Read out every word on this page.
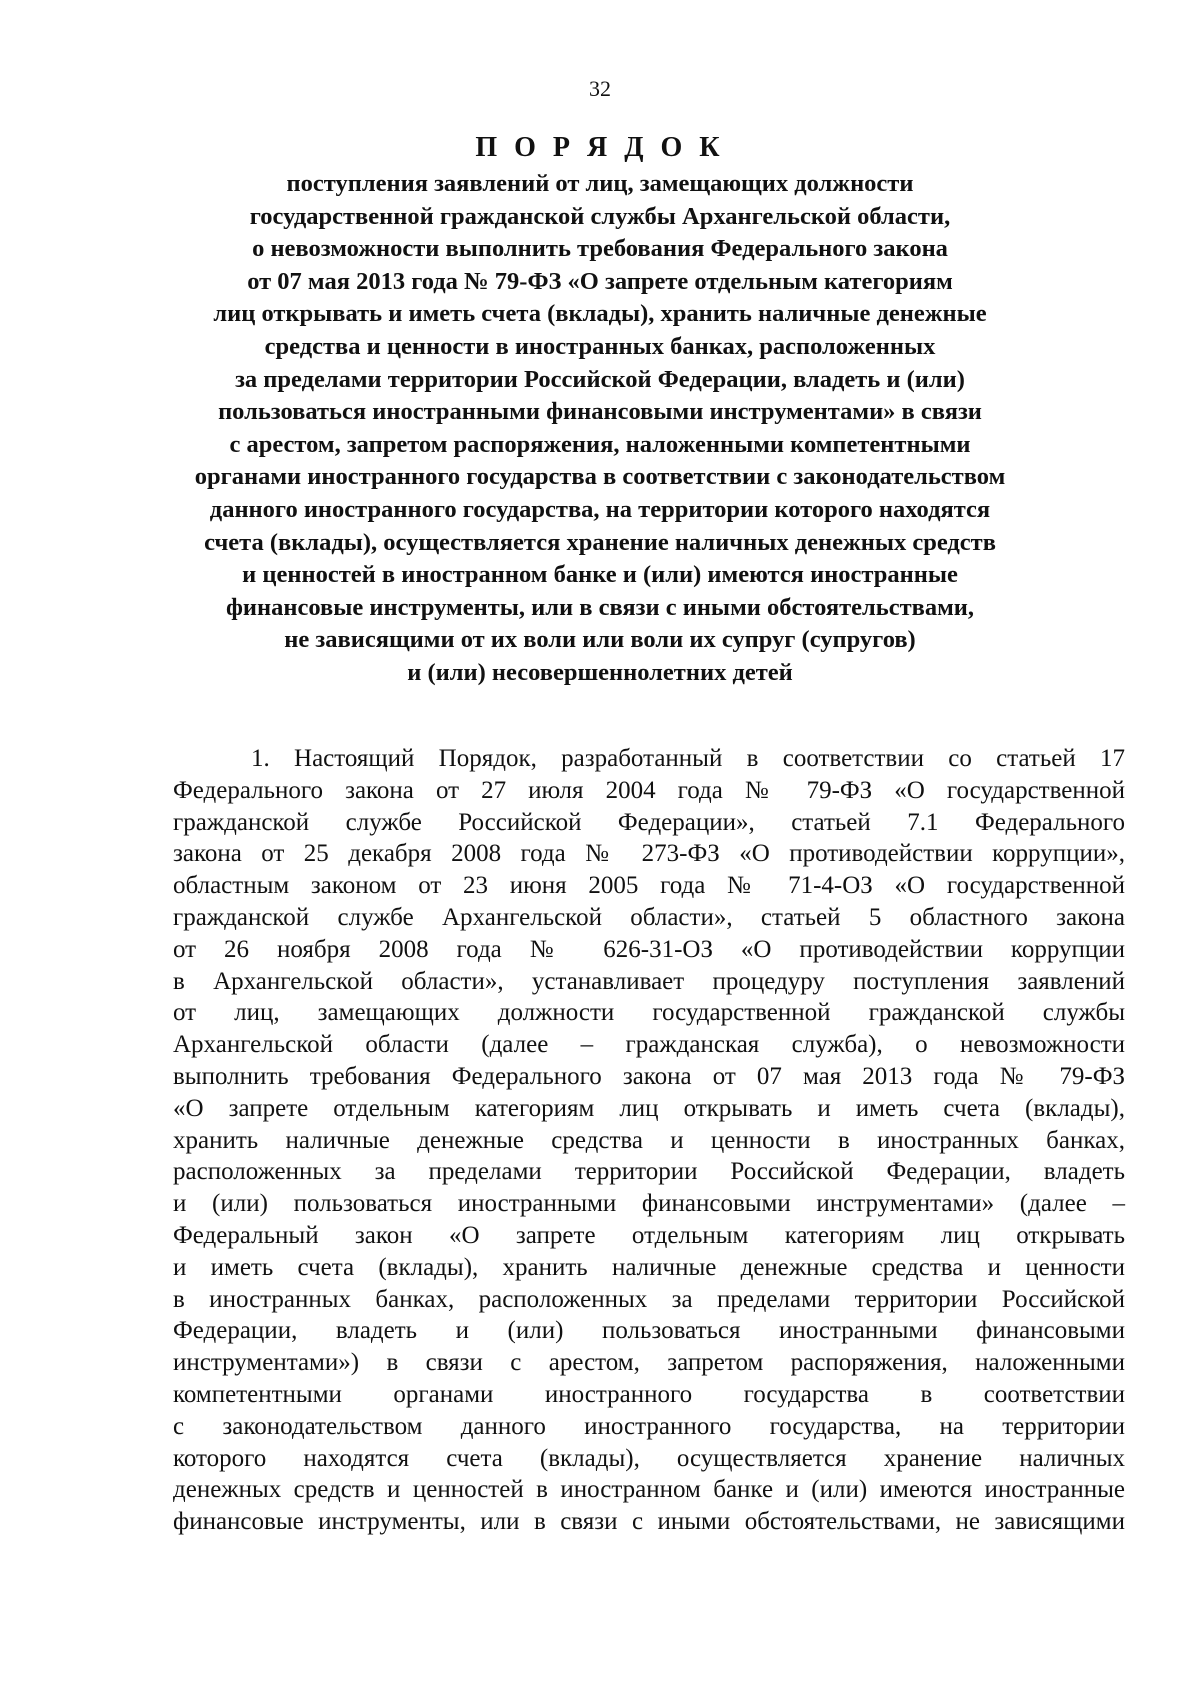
32

П О Р Я Д О К

поступления заявлений от лиц, замещающих должности

государственной гражданской службы Архангельской области,

о невозможности выполнить требования Федерального закона

от 07 мая 2013 года № 79-ФЗ «О запрете отдельным категориям

лиц открывать и иметь счета (вклады), хранить наличные денежные

средства и ценности в иностранных банках, расположенных

за пределами территории Российской Федерации, владеть и (или)

пользоваться иностранными финансовыми инструментами» в связи

с арестом, запретом распоряжения, наложенными компетентными

органами иностранного государства в соответствии с законодательством

данного иностранного государства, на территории которого находятся

счета (вклады), осуществляется хранение наличных денежных средств

и ценностей в иностранном банке и (или) имеются иностранные

финансовые инструменты, или в связи с иными обстоятельствами,

не зависящими от их воли или воли их супруг (супругов)

и (или) несовершеннолетних детей

1. Настоящий Порядок, разработанный в соответствии со статьей 17

Федерального закона от 27 июля 2004 года № 79-ФЗ «О государственной

гражданской службе Российской Федерации», статьей 7.1 Федерального

закона от 25 декабря 2008 года № 273-ФЗ «О противодействии коррупции»,

областным законом от 23 июня 2005 года № 71-4-ОЗ «О государственной

гражданской службе Архангельской области», статьей 5 областного закона

от 26 ноября 2008 года № 626-31-ОЗ «О противодействии коррупции

в Архангельской области», устанавливает процедуру поступления заявлений

от лиц, замещающих должности государственной гражданской службы

Архангельской области (далее – гражданская служба), о невозможности

выполнить требования Федерального закона от 07 мая 2013 года № 79-ФЗ

«О запрете отдельным категориям лиц открывать и иметь счета (вклады),

хранить наличные денежные средства и ценности в иностранных банках,

расположенных за пределами территории Российской Федерации, владеть

и (или) пользоваться иностранными финансовыми инструментами» (далее –

Федеральный закон «О запрете отдельным категориям лиц открывать

и иметь счета (вклады), хранить наличные денежные средства и ценности

в иностранных банках, расположенных за пределами территории Российской

Федерации, владеть и (или) пользоваться иностранными финансовыми

инструментами») в связи с арестом, запретом распоряжения, наложенными

компетентными органами иностранного государства в соответствии

с законодательством данного иностранного государства, на территории

которого находятся счета (вклады), осуществляется хранение наличных

денежных средств и ценностей в иностранном банке и (или) имеются иностранные

финансовые инструменты, или в связи с иными обстоятельствами, не зависящими
